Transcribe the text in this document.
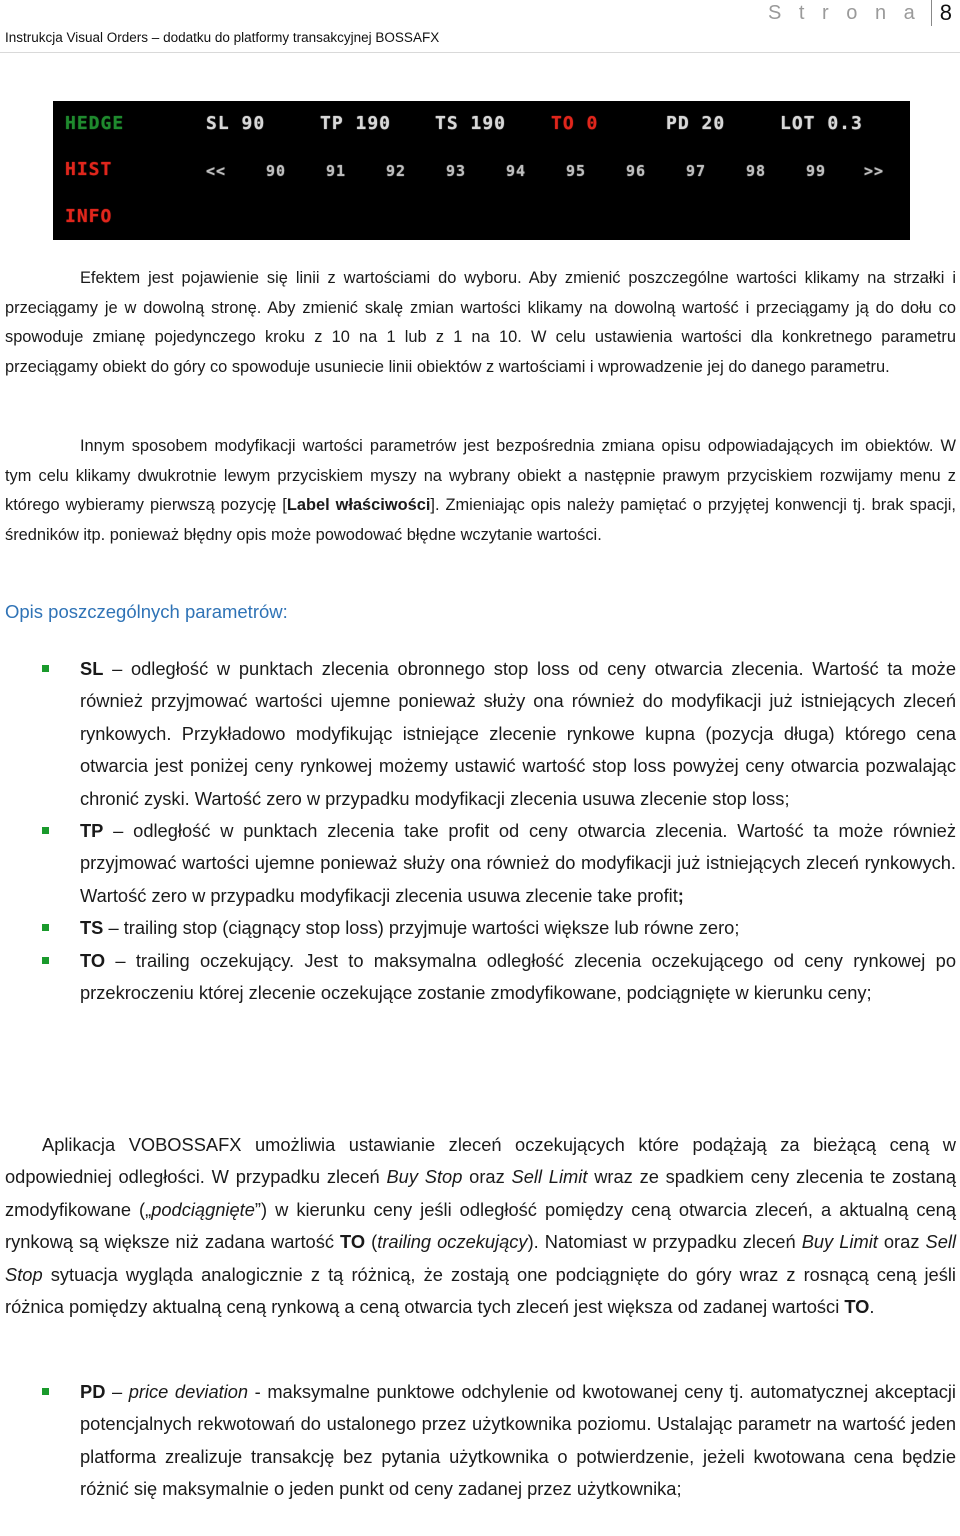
Instrukcja Visual Orders – dodatku do platformy transakcyjnej BOSSAFX
S t r o n a 8
HEDGE	SL 90	TP 190 TS 190 TO 0	PD 20	LOT 0.3
HIST	<<	90	91	92	93	94	95	96	97	98	99	>>
INFO
Efektem jest pojawienie się linii z wartościami do wyboru. Aby zmienić poszczególne wartości klikamy na strzałki i przeciągamy je w dowolną stronę. Aby zmienić skalę zmian wartości klikamy na dowolną wartość i przeciągamy ją do dołu co spowoduje zmianę pojedynczego kroku z 10 na 1 lub z 1 na 10. W celu ustawienia wartości dla konkretnego parametru przeciągamy obiekt do góry co spowoduje usuniecie linii obiektów z wartościami i wprowadzenie jej do danego parametru.
Innym sposobem modyfikacji wartości parametrów jest bezpośrednia zmiana opisu odpowiadających im obiektów. W tym celu klikamy dwukrotnie lewym przyciskiem myszy na wybrany obiekt a następnie prawym przyciskiem rozwijamy menu z którego wybieramy pierwszą pozycję [Label właściwości]. Zmieniając opis należy pamiętać o przyjętej konwencji tj. brak spacji, średników itp. ponieważ błędny opis może powodować błędne wczytanie wartości.
Opis poszczególnych parametrów:
SL – odległość w punktach zlecenia obronnego stop loss od ceny otwarcia zlecenia. Wartość ta może również przyjmować wartości ujemne ponieważ służy ona również do modyfikacji już istniejących zleceń rynkowych. Przykładowo modyfikując istniejące zlecenie rynkowe kupna (pozycja długa) którego cena otwarcia jest poniżej ceny rynkowej możemy ustawić wartość stop loss powyżej ceny otwarcia pozwalając chronić zyski. Wartość zero w przypadku modyfikacji zlecenia usuwa zlecenie stop loss;
TP – odległość w punktach zlecenia take profit od ceny otwarcia zlecenia. Wartość ta może również przyjmować wartości ujemne ponieważ służy ona również do modyfikacji już istniejących zleceń rynkowych. Wartość zero w przypadku modyfikacji zlecenia usuwa zlecenie take profit;
TS – trailing stop (ciągnący stop loss) przyjmuje wartości większe lub równe zero;
TO – trailing oczekujący. Jest to maksymalna odległość zlecenia oczekującego od ceny rynkowej po przekroczeniu której zlecenie oczekujące zostanie zmodyfikowane, podciągnięte w kierunku ceny;
Aplikacja VOBOSSAFX umożliwia ustawianie zleceń oczekujących które podążają za bieżącą ceną w odpowiedniej odległości. W przypadku zleceń Buy Stop oraz Sell Limit wraz ze spadkiem ceny zlecenia te zostaną zmodyfikowane („podciągnięte”) w kierunku ceny jeśli odległość pomiędzy ceną otwarcia zleceń, a aktualną ceną rynkową są większe niż zadana wartość TO (trailing oczekujący). Natomiast w przypadku zleceń Buy Limit oraz Sell Stop sytuacja wygląda analogicznie z tą różnicą, że zostają one podciągnięte do góry wraz z rosnącą ceną jeśli różnica pomiędzy aktualną ceną rynkową a ceną otwarcia tych zleceń jest większa od zadanej wartości TO.
PD – price deviation - maksymalne punktowe odchylenie od kwotowanej ceny tj. automatycznej akceptacji potencjalnych rekwotowań do ustalonego przez użytkownika poziomu. Ustalając parametr na wartość jeden platforma zrealizuje transakcję bez pytania użytkownika o potwierdzenie, jeżeli kwotowana cena będzie różnić się maksymalnie o jeden punkt od ceny zadanej przez użytkownika;
